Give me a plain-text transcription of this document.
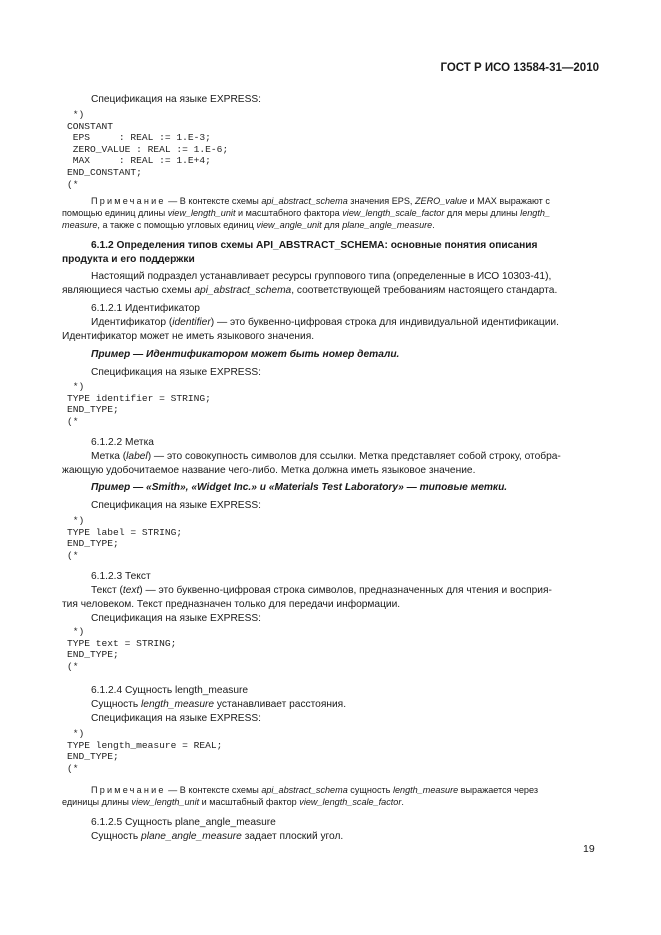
ГОСТ Р ИСО 13584-31—2010
Спецификация на языке EXPRESS:
*)
CONSTANT
EPS     : REAL := 1.E-3;
ZERO_VALUE : REAL := 1.E-6;
MAX     : REAL := 1.E+4;
END_CONSTANT;
(*
Примечание — В контексте схемы api_abstract_schema значения EPS, ZERO_value и MAX выражают с
помощью единиц длины view_length_unit и масштабного фактора view_length_scale_factor для меры длины length_
measure, а также с помощью угловых единиц view_angle_unit для plane_angle_measure.
6.1.2 Определения типов схемы API_ABSTRACT_SCHEMA: основные понятия описания
продукта и его поддержки
Настоящий подраздел устанавливает ресурсы группового типа (определенные в ИСО 10303-41),
являющиеся частью схемы api_abstract_schema, соответствующей требованиям настоящего стандарта.
6.1.2.1 Идентификатор
Идентификатор (identifier) — это буквенно-цифровая строка для индивидуальной идентификации.
Идентификатор может не иметь языкового значения.
Пример — Идентификатором может быть номер детали.
Спецификация на языке EXPRESS:
*)
TYPE identifier = STRING;
END_TYPE;
(*
6.1.2.2 Метка
Метка (label) — это совокупность символов для ссылки. Метка представляет собой строку, отобра-
жающую удобочитаемое название чего-либо. Метка должна иметь языковое значение.
Пример — «Smith», «Widget Inc.» и «Materials Test Laboratory» — типовые метки.
Спецификация на языке EXPRESS:
*)
TYPE label = STRING;
END_TYPE;
(*
6.1.2.3 Текст
Текст (text) — это буквенно-цифровая строка символов, предназначенных для чтения и восприя-
тия человеком. Текст предназначен только для передачи информации.
Спецификация на языке EXPRESS:
*)
TYPE text = STRING;
END_TYPE;
(*
6.1.2.4 Сущность length_measure
Сущность length_measure устанавливает расстояния.
Спецификация на языке EXPRESS:
*)
TYPE length_measure = REAL;
END_TYPE;
(*
Примечание — В контексте схемы api_abstract_schema сущность length_measure выражается через
единицы длины view_length_unit и масштабный фактор view_length_scale_factor.
6.1.2.5 Сущность plane_angle_measure
Сущность plane_angle_measure задает плоский угол.
19
